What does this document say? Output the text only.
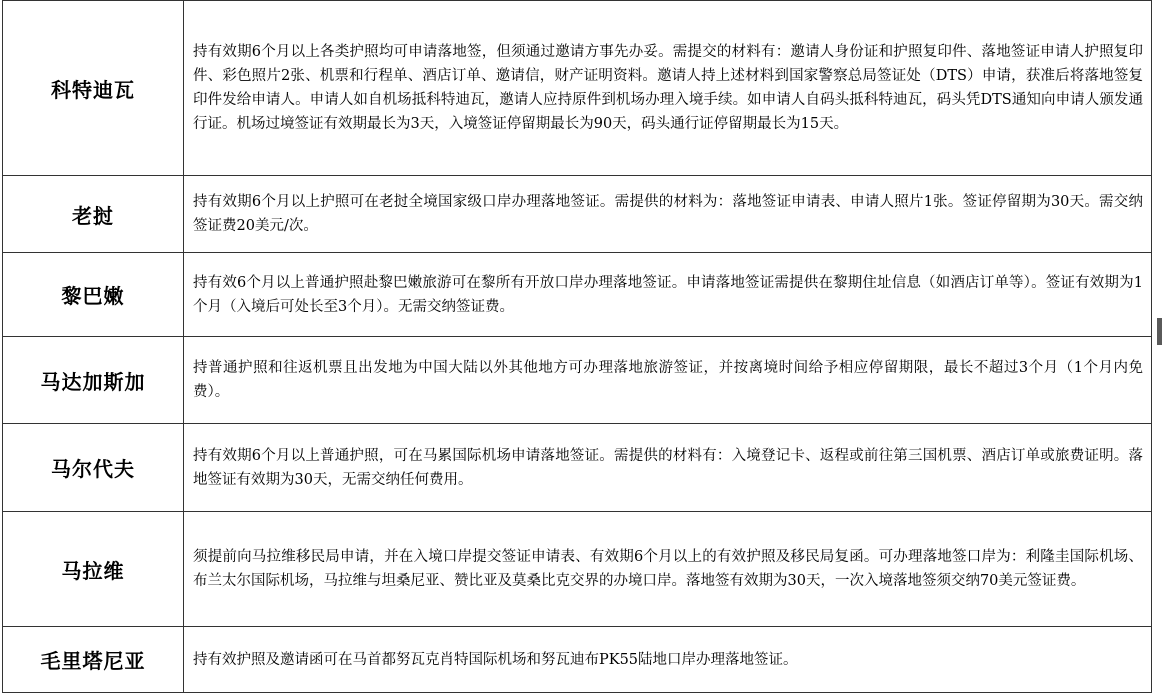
科特迪瓦	持有效期6个月以上各类护照均可申请落地签，但须通过邀请方事先办妥。需提交的材料有：邀请人身份证和护照复印件、落地签证申请人护照复印件、彩色照片2张、机票和行程单、酒店订单、邀请信，财产证明资料。邀请人持上述材料到国家警察总局签证处（DTS）申请，获准后将落地签复印件发给申请人。申请人如自机场抵科特迪瓦，邀请人应持原件到机场办理入境手续。如申请人自码头抵科特迪瓦，码头凭DTS通知向申请人颁发通行证。机场过境签证有效期最长为3天，入境签证停留期最长为90天，码头通行证停留期最长为15天。
老挝	持有效期6个月以上护照可在老挝全境国家级口岸办理落地签证。需提供的材料为：落地签证申请表、申请人照片1张。签证停留期为30天。需交纳签证费20美元/次。
黎巴嫩	持有效6个月以上普通护照赴黎巴嫩旅游可在黎所有开放口岸办理落地签证。申请落地签证需提供在黎期住址信息（如酒店订单等）。签证有效期为1个月（入境后可处长至3个月）。无需交纳签证费。
马达加斯加	持普通护照和往返机票且出发地为中国大陆以外其他地方可办理落地旅游签证，并按离境时间给予相应停留期限，最长不超过3个月（1个月内免费）。
马尔代夫	持有效期6个月以上普通护照，可在马累国际机场申请落地签证。需提供的材料有：入境登记卡、返程或前往第三国机票、酒店订单或旅费证明。落地签证有效期为30天，无需交纳任何费用。
马拉维	须提前向马拉维移民局申请，并在入境口岸提交签证申请表、有效期6个月以上的有效护照及移民局复函。可办理落地签口岸为：利隆圭国际机场、布兰太尔国际机场，马拉维与坦桑尼亚、赞比亚及莫桑比克交界的办境口岸。落地签有效期为30天，一次入境落地签须交纳70美元签证费。
毛里塔尼亚	持有效护照及邀请函可在马首都努瓦克肖特国际机场和努瓦迪布PK55陆地口岸办理落地签证。
